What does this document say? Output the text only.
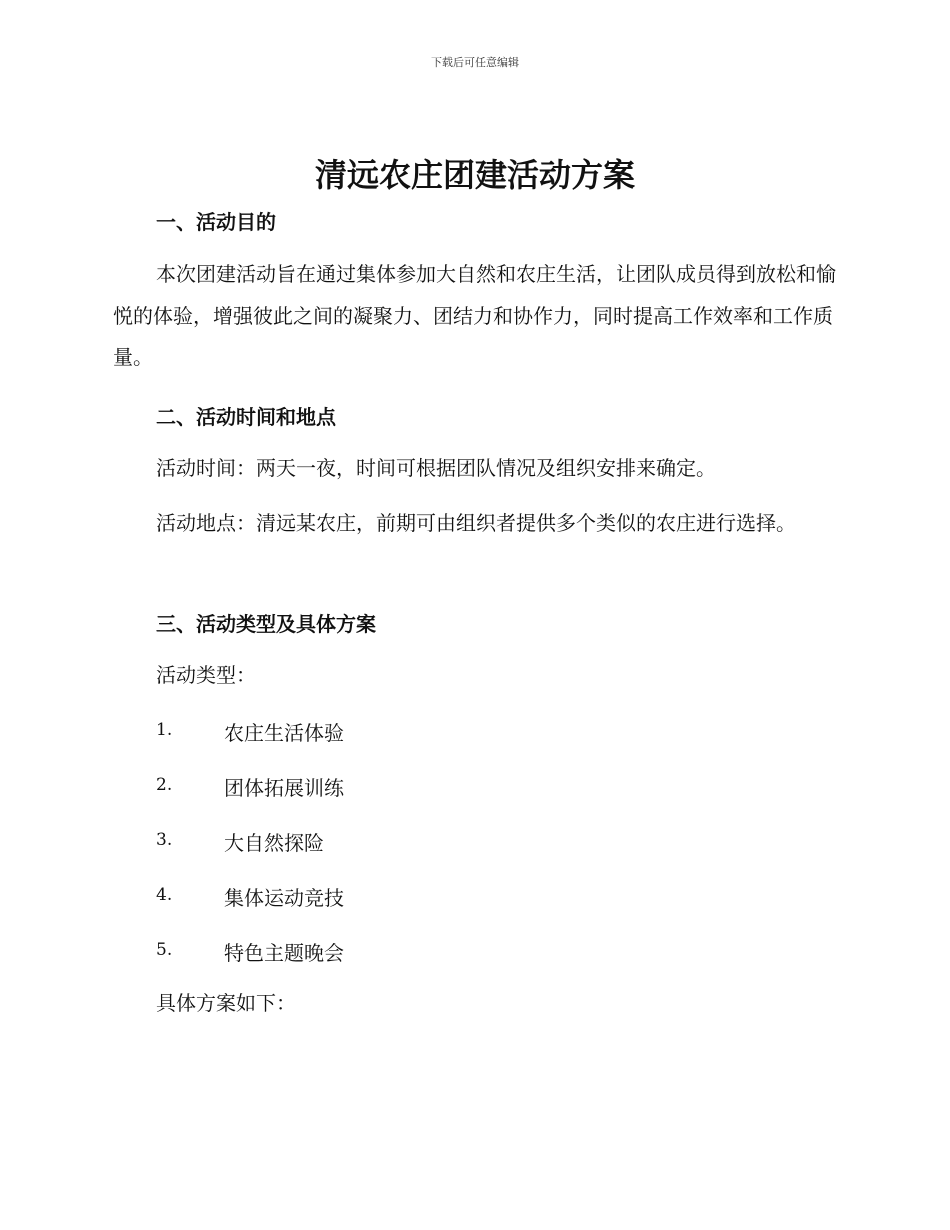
下载后可任意编辑
清远农庄团建活动方案
一、活动目的

本次团建活动旨在通过集体参加大自然和农庄生活，让团队成员得到放松和愉悦的体验，增强彼此之间的凝聚力、团结力和协作力，同时提高工作效率和工作质量。

二、活动时间和地点

活动时间：两天一夜，时间可根据团队情况及组织安排来确定。

活动地点：清远某农庄，前期可由组织者提供多个类似的农庄进行选择。

三、活动类型及具体方案

活动类型：

1.	农庄生活体验
2.	团体拓展训练
3.	大自然探险
4.	集体运动竞技
5.	特色主题晚会

具体方案如下：
